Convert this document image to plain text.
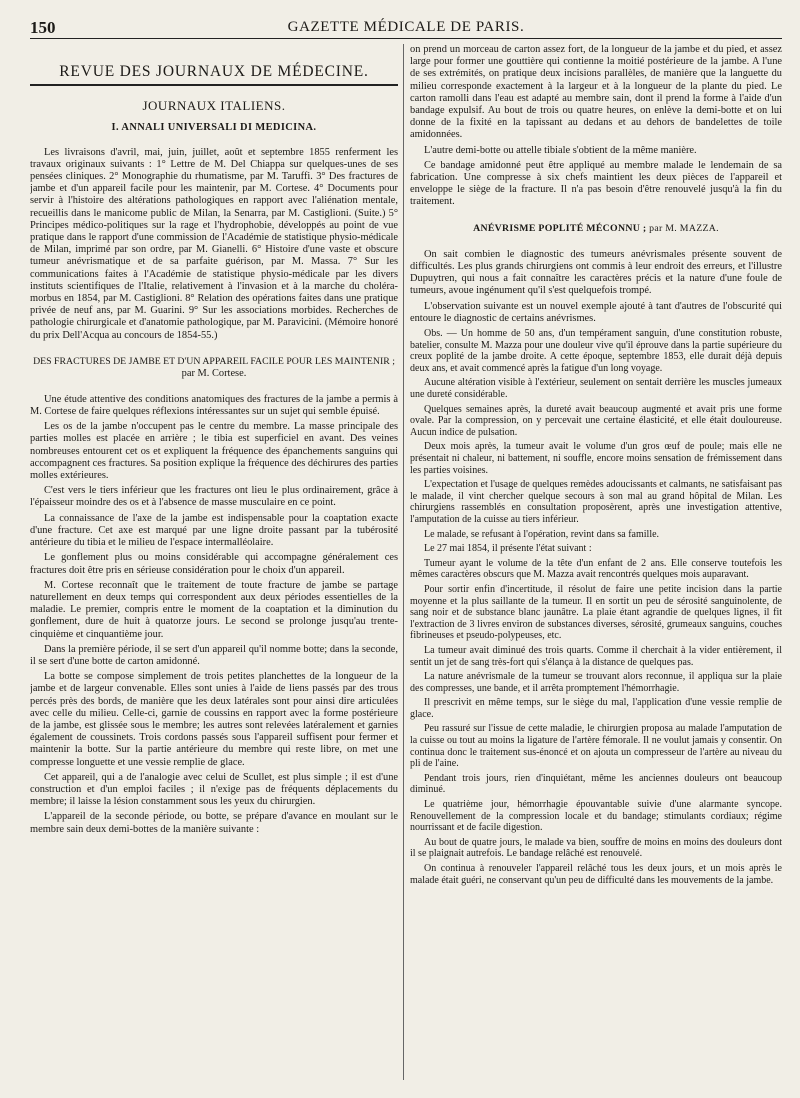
150	GAZETTE MÉDICALE DE PARIS.
REVUE DES JOURNAUX DE MÉDECINE.
JOURNAUX ITALIENS.
I. ANNALI UNIVERSALI DI MEDICINA.

Les livraisons d'avril, mai, juin, juillet, août et septembre 1855 renferment les travaux originaux suivants : 1° Lettre de M. Del Chiappa sur quelques-unes de ses pensées cliniques. 2° Monographie du rhumatisme, par M. Taruffi. 3° Des fractures de jambe et d'un appareil facile pour les maintenir, par M. Cortese. 4° Documents pour servir à l'histoire des altérations pathologiques en rapport avec l'aliénation mentale, recueillis dans le manicome public de Milan, la Senarra, par M. Castiglioni. (Suite.) 5° Principes médico-politiques sur la rage et l'hydrophobie, développés au point de vue pratique dans le rapport d'une commission de l'Académie de statistique physio-médicale de Milan, imprimé par son ordre, par M. Gianelli. 6° Histoire d'une vaste et obscure tumeur anévrismatique et de sa parfaite guérison, par M. Massa. 7° Sur les communications faites à l'Académie de statistique physio-médicale par les divers instituts scientifiques de l'Italie, relativement à l'invasion et à la marche du choléra-morbus en 1854, par M. Castiglioni. 8° Relation des opérations faites dans une pratique privée de neuf ans, par M. Guarini. 9° Sur les associations morbides. Recherches de pathologie chirurgicale et d'anatomie pathologique, par M. Paravicini. (Mémoire honoré du prix Dell'Acqua au concours de 1854-55.)

DES FRACTURES DE JAMBE ET D'UN APPAREIL FACILE POUR LES MAINTENIR ;
par M. Cortese.

Une étude attentive des conditions anatomiques des fractures de la jambe a permis à M. Cortese de faire quelques réflexions intéressantes sur un sujet qui semble épuisé.

Les os de la jambe n'occupent pas le centre du membre. La masse principale des parties molles est placée en arrière ; le tibia est superficiel en avant. Des veines nombreuses entourent cet os et expliquent la fréquence des épanchements sanguins qui accompagnent ces fractures. Sa position explique la fréquence des déchirures des parties molles extérieures.

C'est vers le tiers inférieur que les fractures ont lieu le plus ordinairement, grâce à l'épaisseur moindre des os et à l'absence de masse musculaire en ce point.

La connaissance de l'axe de la jambe est indispensable pour la coaptation exacte d'une fracture. Cet axe est marqué par une ligne droite passant par la tubérosité antérieure du tibia et le milieu de l'espace intermalléolaire.

Le gonflement plus ou moins considérable qui accompagne généralement ces fractures doit être pris en sérieuse considération pour le choix d'un appareil.

M. Cortese reconnaît que le traitement de toute fracture de jambe se partage naturellement en deux temps qui correspondent aux deux périodes essentielles de la maladie. Le premier, compris entre le moment de la coaptation et la diminution du gonflement, dure de huit à quatorze jours. Le second se prolonge jusqu'au trente-cinquième et cinquantième jour.

Dans la première période, il se sert d'un appareil qu'il nomme botte; dans la seconde, il se sert d'une botte de carton amidonné.

La botte se compose simplement de trois petites planchettes de la longueur de la jambe et de largeur convenable. Elles sont unies à l'aide de liens passés par des trous percés près des bords, de manière que les deux latérales sont pour ainsi dire articulées avec celle du milieu. Celle-ci, garnie de coussins en rapport avec la forme postérieure de la jambe, est glissée sous le membre; les autres sont relevées latéralement et garnies également de coussinets. Trois cordons passés sous l'appareil suffisent pour fermer et maintenir la botte. Sur la partie antérieure du membre qui reste libre, on met une compresse longuette et une vessie remplie de glace.

Cet appareil, qui a de l'analogie avec celui de Scullet, est plus simple ; il est d'une construction et d'un emploi faciles ; il n'exige pas de fréquents déplacements du membre; il laisse la lésion constamment sous les yeux du chirurgien.

L'appareil de la seconde période, ou botte, se prépare d'avance en moulant sur le membre sain deux demi-bottes de la manière suivante :

on prend un morceau de carton assez fort, de la longueur de la jambe et du pied, et assez large pour former une gouttière qui contienne la moitié postérieure de la jambe. A l'une de ses extrémités, on pratique deux incisions parallèles, de manière que la languette du milieu corresponde exactement à la largeur et à la longueur de la plante du pied. Le carton ramolli dans l'eau est adapté au membre sain, dont il prend la forme à l'aide d'un bandage expulsif. Au bout de trois ou quatre heures, on enlève la demi-botte et on lui donne de la fixité en la tapissant au dedans et au dehors de bandelettes de toile amidonnées.

L'autre demi-botte ou attelle tibiale s'obtient de la même manière.

Ce bandage amidonné peut être appliqué au membre malade le lendemain de sa fabrication. Une compresse à six chefs maintient les deux pièces de l'appareil et enveloppe le siège de la fracture. Il n'a pas besoin d'être renouvelé jusqu'à la fin du traitement.

ANÉVRISME POPLITÉ MÉCONNU ; par M. MAZZA.

On sait combien le diagnostic des tumeurs anévrismales présente souvent de difficultés. Les plus grands chirurgiens ont commis à leur endroit des erreurs, et l'illustre Dupuytren, qui nous a fait connaître les caractères précis et la nature d'une foule de tumeurs, avoue ingénument qu'il s'est quelquefois trompé.

L'observation suivante est un nouvel exemple ajouté à tant d'autres de l'obscurité qui entoure le diagnostic de certains anévrismes.

Obs. — Un homme de 50 ans, d'un tempérament sanguin, d'une constitution robuste, batelier, consulte M. Mazza pour une douleur vive qu'il éprouve dans la partie supérieure du creux poplité de la jambe droite. A cette époque, septembre 1853, elle durait déjà depuis deux ans, et avait commencé après la fatigue d'un long voyage.

Aucune altération visible à l'extérieur, seulement on sentait derrière les muscles jumeaux une dureté considérable.

Quelques semaines après, la dureté avait beaucoup augmenté et avait pris une forme ovale. Par la compression, on y percevait une certaine élasticité, et elle était douloureuse. Aucun indice de pulsation.

Deux mois après, la tumeur avait le volume d'un gros œuf de poule; mais elle ne présentait ni chaleur, ni battement, ni souffle, encore moins sensation de frémissement dans les parties voisines.

L'expectation et l'usage de quelques remèdes adoucissants et calmants, ne satisfaisant pas le malade, il vint chercher quelque secours à son mal au grand hôpital de Milan. Les chirurgiens rassemblés en consultation proposèrent, après une investigation attentive, l'amputation de la cuisse au tiers inférieur.

Le malade, se refusant à l'opération, revint dans sa famille.

Le 27 mai 1854, il présente l'état suivant :

Tumeur ayant le volume de la tête d'un enfant de 2 ans. Elle conserve toutefois les mêmes caractères obscurs que M. Mazza avait rencontrés quelques mois auparavant.

Pour sortir enfin d'incertitude, il résolut de faire une petite incision dans la partie moyenne et la plus saillante de la tumeur. Il en sortit un peu de sérosité sanguinolente, de sang noir et de substance blanc jaunâtre. La plaie étant agrandie de quelques lignes, il fit l'extraction de 3 livres environ de substances diverses, sérosité, grumeaux sanguins, couches fibrineuses et pseudo-polypeuses, etc.

La tumeur avait diminué des trois quarts. Comme il cherchait à la vider entièrement, il sentit un jet de sang très-fort qui s'élança à la distance de quelques pas.

La nature anévrismale de la tumeur se trouvant alors reconnue, il appliqua sur la plaie des compresses, une bande, et il arrêta promptement l'hémorrhagie.

Il prescrivit en même temps, sur le siège du mal, l'application d'une vessie remplie de glace.

Peu rassuré sur l'issue de cette maladie, le chirurgien proposa au malade l'amputation de la cuisse ou tout au moins la ligature de l'artère fémorale. Il ne voulut jamais y consentir. On continua donc le traitement sus-énoncé et on ajouta un compresseur de l'artère au niveau du pli de l'aine.

Pendant trois jours, rien d'inquiétant, même les anciennes douleurs ont beaucoup diminué.

Le quatrième jour, hémorrhagie épouvantable suivie d'une alarmante syncope. Renouvellement de la compression locale et du bandage; stimulants cordiaux; régime nourrissant et de facile digestion.

Au bout de quatre jours, le malade va bien, souffre de moins en moins des douleurs dont il se plaignait autrefois. Le bandage relâché est renouvelé.

On continua à renouveler l'appareil relâché tous les deux jours, et un mois après le malade était guéri, ne conservant qu'un peu de difficulté dans les mouvements de la jambe.
